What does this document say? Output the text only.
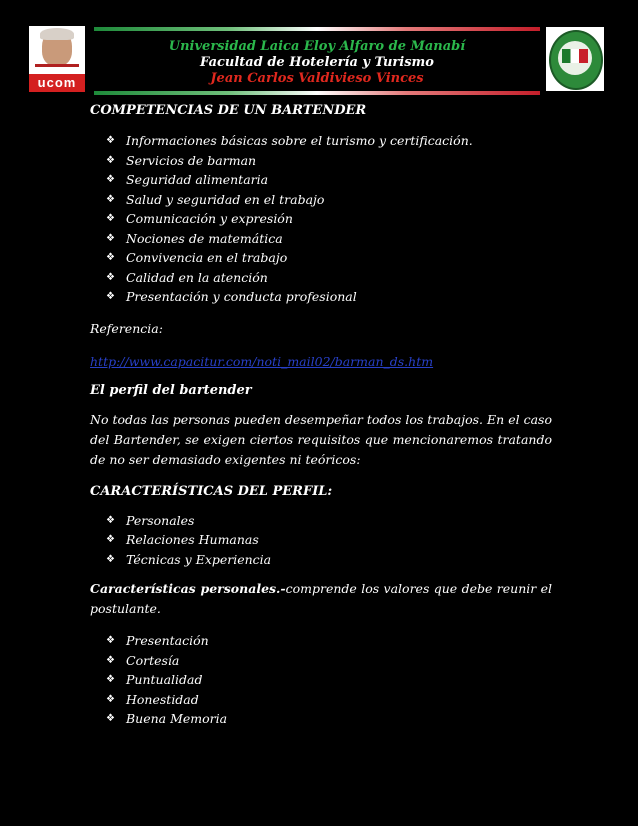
ucom
Universidad Laica Eloy Alfaro de Manabí
Facultad de Hotelería y Turismo
Jean Carlos Valdivieso Vinces

COMPETENCIAS DE UN BARTENDER

❖ Informaciones básicas sobre el turismo y certificación.
❖ Servicios de barman
❖ Seguridad alimentaria
❖ Salud y seguridad en el trabajo
❖ Comunicación y expresión
❖ Nociones de matemática
❖ Convivencia en el trabajo
❖ Calidad en la atención
❖ Presentación y conducta profesional

Referencia:

http://www.capacitur.com/noti_mail02/barman_ds.htm

El perfil del bartender

No todas las personas pueden desempeñar todos los trabajos. En el caso del Bartender, se exigen ciertos requisitos que mencionaremos tratando de no ser demasiado exigentes ni teóricos:

CARACTERÍSTICAS DEL PERFIL:

❖ Personales
❖ Relaciones Humanas
❖ Técnicas y Experiencia

Características personales.-comprende los valores que debe reunir el postulante.

❖ Presentación
❖ Cortesía
❖ Puntualidad
❖ Honestidad
❖ Buena Memoria
